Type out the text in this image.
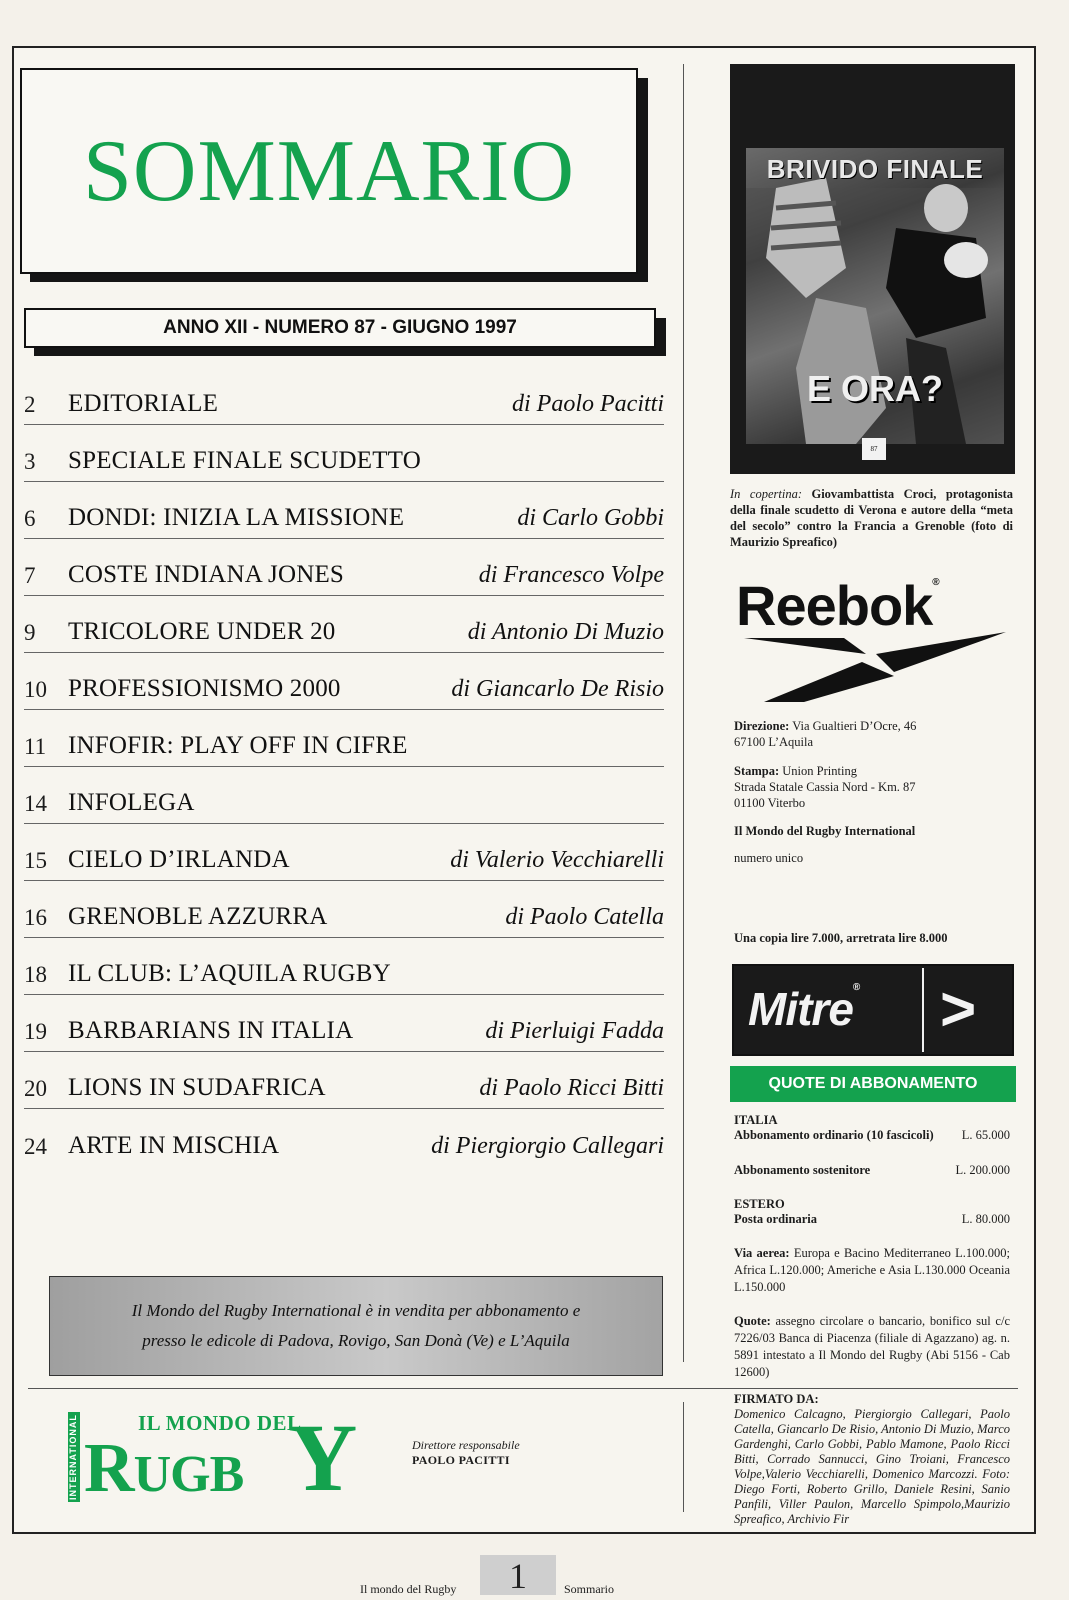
SOMMARIO
ANNO XII - NUMERO 87 - GIUGNO 1997
2	EDITORIALE	di Paolo Pacitti
3	SPECIALE FINALE SCUDETTO
6	DONDI: INIZIA LA MISSIONE	di Carlo Gobbi
7	COSTE INDIANA JONES	di Francesco Volpe
9	TRICOLORE UNDER 20	di Antonio Di Muzio
10 PROFESSIONISMO 2000	di Giancarlo De Risio
11 INFOFIR: PLAY OFF IN CIFRE
14 INFOLEGA
15 CIELO D’IRLANDA	di Valerio Vecchiarelli
16 GRENOBLE AZZURRA	di Paolo Catella
18 IL CLUB: L’AQUILA RUGBY
19 BARBARIANS IN ITALIA	di Pierluigi Fadda
20 LIONS IN SUDAFRICA	di Paolo Ricci Bitti
24 ARTE IN MISCHIA	di Piergiorgio Callegari

Il Mondo del Rugby International è in vendita per abbonamento e

presso le edicole di Padova, Rovigo, San Donà (Ve) e L’Aquila

INTERNATIONAL	IL MONDO DEL
RUGB Y	Direttore responsabile
PAOLO PACITTI
BRIVIDO FINALE
E ORA?
87
In copertina: Giovambattista Croci, protagonista della finale scudetto di Verona e autore della “meta del secolo” contro la Francia a Grenoble (foto di Maurizio Spreafico)
Reebok®
Direzione: Via Gualtieri D’Ocre, 46
67100 L’Aquila
Stampa: Union Printing
Strada Statale Cassia Nord - Km. 87
01100 Viterbo
Il Mondo del Rugby International
numero unico
Una copia lire 7.000, arretrata lire 8.000
Mitre® >
QUOTE DI ABBONAMENTO
ITALIA
Abbonamento ordinario (10 fascicoli) L. 65.000
Abbonamento sostenitore	L. 200.000
ESTERO
Posta ordinaria	L. 80.000
Via aerea: Europa e Bacino Mediterraneo L.100.000; Africa L.120.000; Americhe e Asia L.130.000 Oceania L.150.000
Quote: assegno circolare o bancario, bonifico sul c/c 7226/03 Banca di Piacenza (filiale di Agazzano) ag. n. 5891 intestato a Il Mondo del Rugby (Abi 5156 - Cab 12600)
FIRMATO DA:
Domenico Calcagno, Piergiorgio Callegari, Paolo Catella, Giancarlo De Risio, Antonio Di Muzio, Marco Gardenghi, Carlo Gobbi, Pablo Mamone, Paolo Ricci Bitti, Corrado Sannucci, Gino Troiani, Francesco Volpe,Valerio Vecchiarelli, Domenico Marcozzi. Foto: Diego Forti, Roberto Grillo, Daniele Resini, Sanio Panfili, Viller Paulon, Marcello Spimpolo,Maurizio Spreafico, Archivio Fir
Il mondo del Rugby	1	Sommario
